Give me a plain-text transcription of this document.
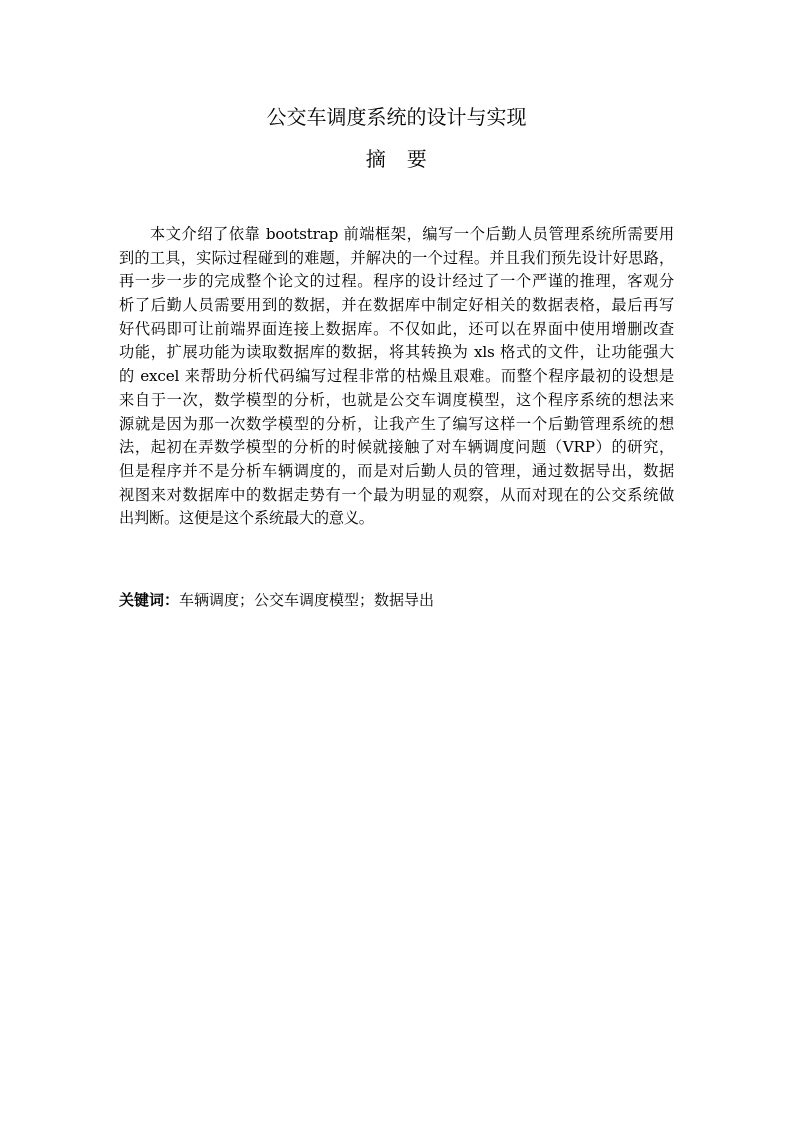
公交车调度系统的设计与实现
摘　要
本文介绍了依靠 bootstrap 前端框架，编写一个后勤人员管理系统所需要用
到的工具，实际过程碰到的难题，并解决的一个过程。并且我们预先设计好思路，
再一步一步的完成整个论文的过程。程序的设计经过了一个严谨的推理，客观分
析了后勤人员需要用到的数据，并在数据库中制定好相关的数据表格，最后再写
好代码即可让前端界面连接上数据库。不仅如此，还可以在界面中使用增删改查
功能，扩展功能为读取数据库的数据，将其转换为 xls 格式的文件，让功能强大
的 excel 来帮助分析代码编写过程非常的枯燥且艰难。而整个程序最初的设想是
来自于一次，数学模型的分析，也就是公交车调度模型，这个程序系统的想法来
源就是因为那一次数学模型的分析，让我产生了编写这样一个后勤管理系统的想
法，起初在弄数学模型的分析的时候就接触了对车辆调度问题（VRP）的研究，
但是程序并不是分析车辆调度的，而是对后勤人员的管理，通过数据导出，数据
视图来对数据库中的数据走势有一个最为明显的观察，从而对现在的公交系统做
出判断。这便是这个系统最大的意义。
关键词：车辆调度；公交车调度模型；数据导出
